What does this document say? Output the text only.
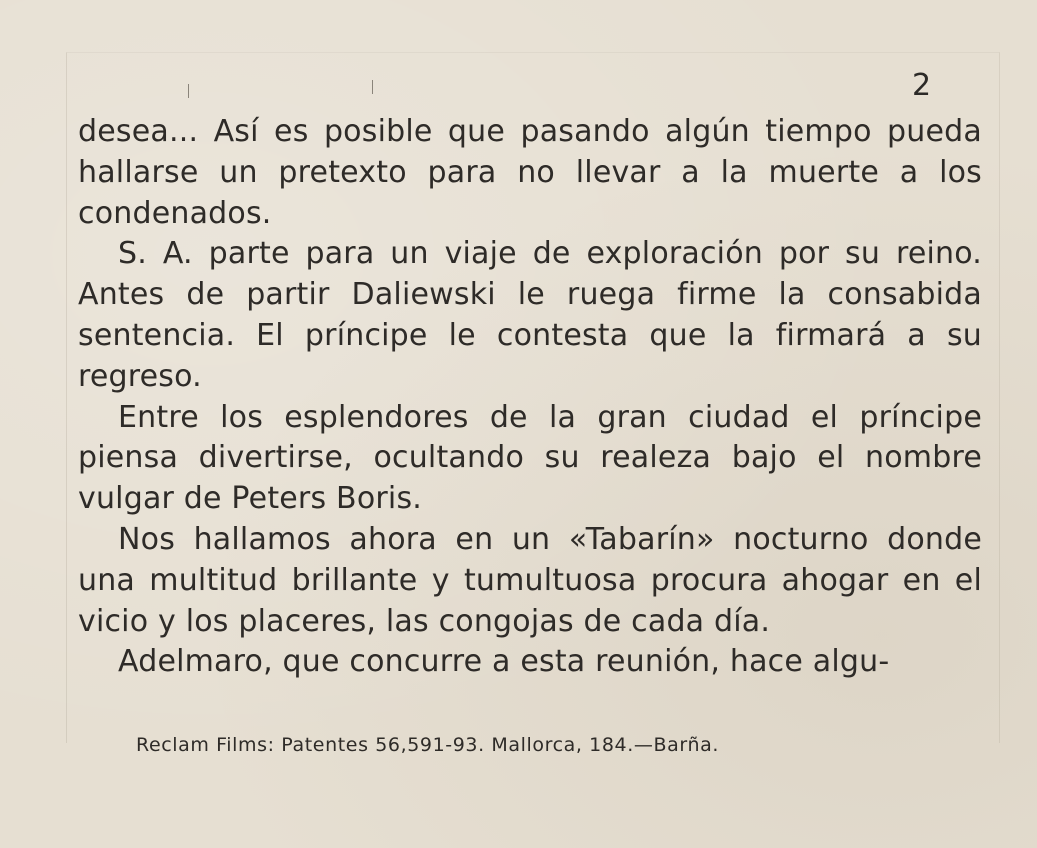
2

desea... Así es posible que pasando algún tiempo pueda hallarse un pretexto para no llevar a la muerte a los condenados.

S. A. parte para un viaje de exploración por su reino. Antes de partir Daliewski le ruega firme la consabida sentencia. El príncipe le contesta que la firmará a su regreso.

Entre los esplendores de la gran ciudad el príncipe piensa divertirse, ocultando su realeza bajo el nombre vulgar de Peters Boris.

Nos hallamos ahora en un «Tabarín» nocturno donde una multitud brillante y tumultuosa procura ahogar en el vicio y los placeres, las congojas de cada día.

Adelmaro, que concurre a esta reunión, hace algu-

Reclam Films: Patentes 56,591-93. Mallorca, 184.—Barña.
